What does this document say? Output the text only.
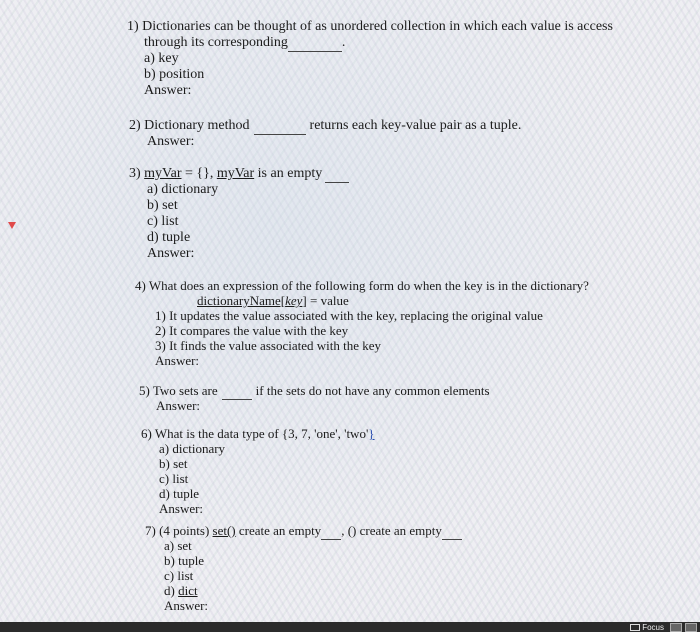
1) Dictionaries can be thought of as unordered collection in which each value is access
through its corresponding	.
a) key
b) position
Answer:
2) Dictionary method	returns each key-value pair as a tuple.
Answer:
3) myVar = {}, myVar is an empty
a) dictionary
b) set
c) list
d) tuple
Answer:
4) What does an expression of the following form do when the key is in the dictionary?
dictionaryName[key] = value
1) It updates the value associated with the key, replacing the original value
2) It compares the value with the key
3) It finds the value associated with the key
Answer:
5) Two sets are	if the sets do not have any common elements
Answer:
6) What is the data type of {3, 7, 'one', 'two'}
a) dictionary
b) set
c) list
d) tuple
Answer:
7) (4 points) set() create an empty , () create an empty
a) set
b) tuple
c) list
d) dict
Answer:
Focus
